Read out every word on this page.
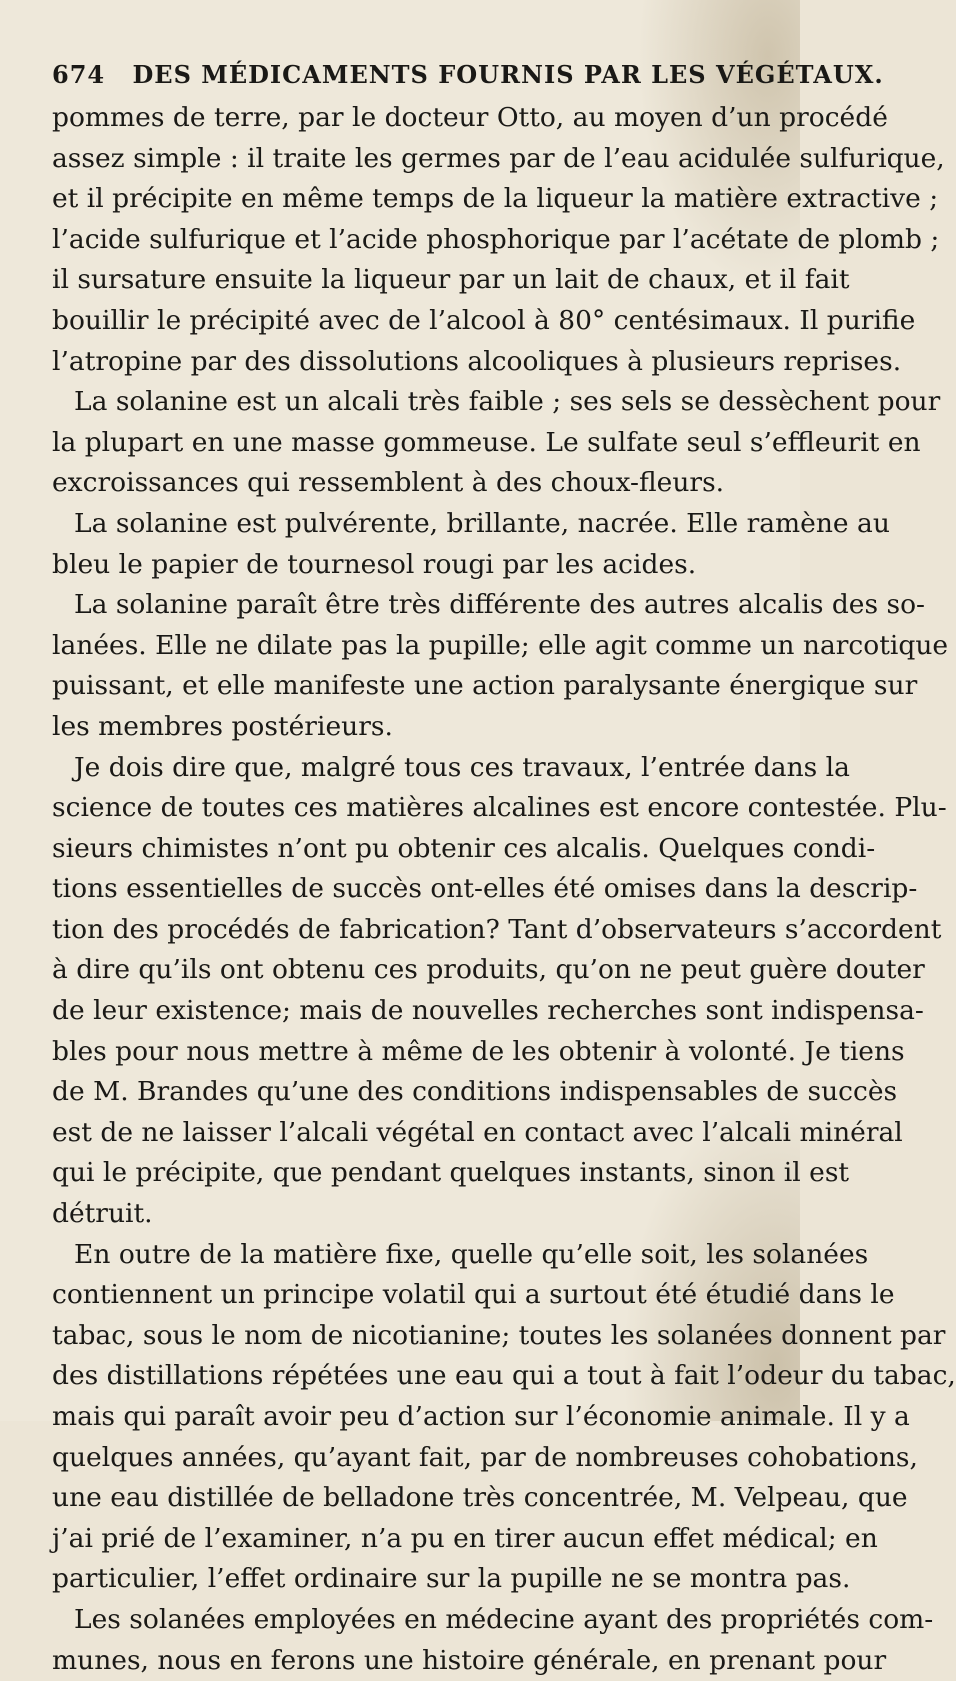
674 DES MÉDICAMENTS FOURNIS PAR LES VÉGÉTAUX.
pommes de terre, par le docteur Otto, au moyen d’un procédé
assez simple : il traite les germes par de l’eau acidulée sulfurique,
et il précipite en même temps de la liqueur la matière extractive ;
l’acide sulfurique et l’acide phosphorique par l’acétate de plomb ;
il sursature ensuite la liqueur par un lait de chaux, et il fait
bouillir le précipité avec de l’alcool à 80° centésimaux. Il purifie
l’atropine par des dissolutions alcooliques à plusieurs reprises.
La solanine est un alcali très faible ; ses sels se dessèchent pour
la plupart en une masse gommeuse. Le sulfate seul s’effleurit en
excroissances qui ressemblent à des choux-fleurs.
La solanine est pulvérente, brillante, nacrée. Elle ramène au
bleu le papier de tournesol rougi par les acides.
La solanine paraît être très différente des autres alcalis des so-
lanées. Elle ne dilate pas la pupille; elle agit comme un narcotique
puissant, et elle manifeste une action paralysante énergique sur
les membres postérieurs.
Je dois dire que, malgré tous ces travaux, l’entrée dans la
science de toutes ces matières alcalines est encore contestée. Plu-
sieurs chimistes n’ont pu obtenir ces alcalis. Quelques condi-
tions essentielles de succès ont-elles été omises dans la descrip-
tion des procédés de fabrication? Tant d’observateurs s’accordent
à dire qu’ils ont obtenu ces produits, qu’on ne peut guère douter
de leur existence; mais de nouvelles recherches sont indispensa-
bles pour nous mettre à même de les obtenir à volonté. Je tiens
de M. Brandes qu’une des conditions indispensables de succès
est de ne laisser l’alcali végétal en contact avec l’alcali minéral
qui le précipite, que pendant quelques instants, sinon il est
détruit.
En outre de la matière fixe, quelle qu’elle soit, les solanées
contiennent un principe volatil qui a surtout été étudié dans le
tabac, sous le nom de nicotianine; toutes les solanées donnent par
des distillations répétées une eau qui a tout à fait l’odeur du tabac,
mais qui paraît avoir peu d’action sur l’économie animale. Il y a
quelques années, qu’ayant fait, par de nombreuses cohobations,
une eau distillée de belladone très concentrée, M. Velpeau, que
j’ai prié de l’examiner, n’a pu en tirer aucun effet médical; en
particulier, l’effet ordinaire sur la pupille ne se montra pas.
Les solanées employées en médecine ayant des propriétés com-
munes, nous en ferons une histoire générale, en prenant pour
